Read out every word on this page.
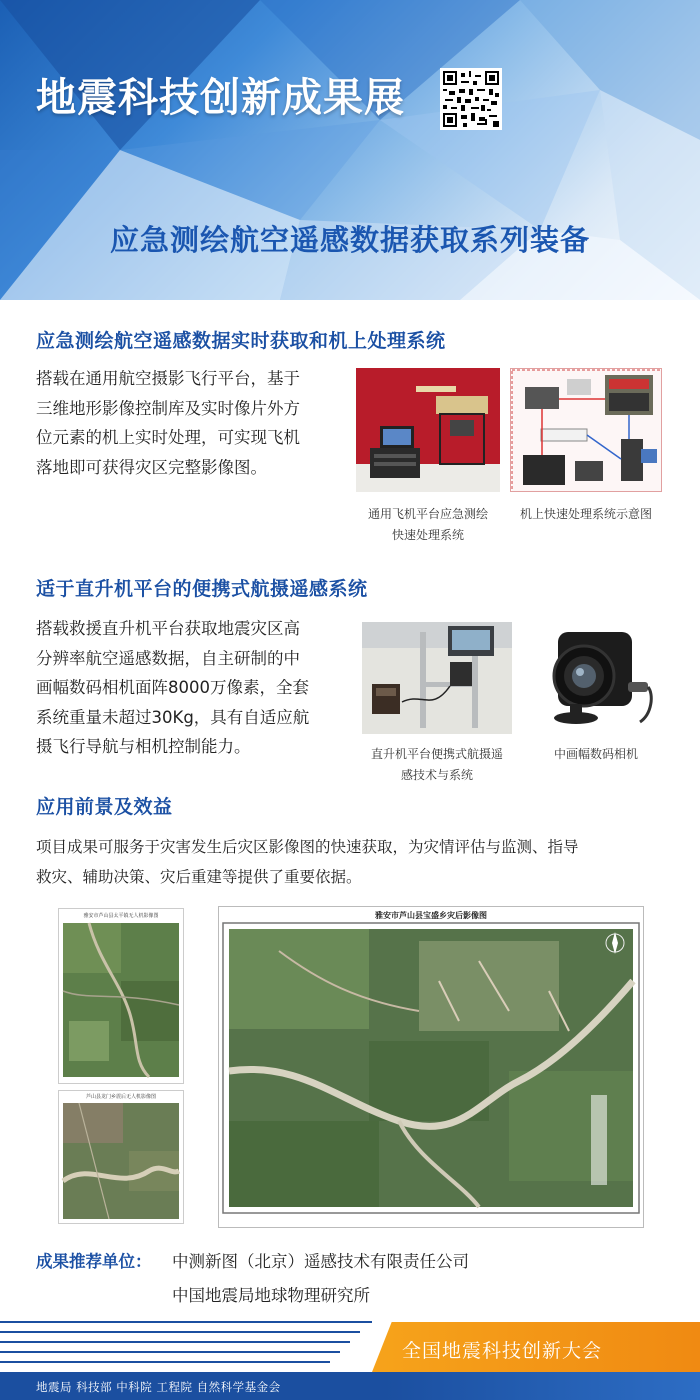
地震科技创新成果展
应急测绘航空遥感数据获取系列装备
应急测绘航空遥感数据实时获取和机上处理系统
搭载在通用航空摄影飞行平台，基于
三维地形影像控制库及实时像片外方
位元素的机上实时处理，可实现飞机
落地即可获得灾区完整影像图。
通用飞机平台应急测绘
快速处理系统
机上快速处理系统示意图
适于直升机平台的便携式航摄遥感系统
搭载救援直升机平台获取地震灾区高
分辨率航空遥感数据，自主研制的中
画幅数码相机面阵8000万像素，全套
系统重量未超过30Kg，具有自适应航
摄飞行导航与相机控制能力。	直升机平台便携式航摄遥
感技术与系统
中画幅数码相机
应用前景及效益
项目成果可服务于灾害发生后灾区影像图的快速获取，为灾情评估与监测、指导
救灾、辅助决策、灾后重建等提供了重要依据。
雅安市芦山县太平镇无人机影像图
芦山县龙门乡震后无人机影像图
雅安市芦山县宝盛乡灾后影像图
成果推荐单位： 中测新图（北京）遥感技术有限责任公司
中国地震局地球物理研究所
全国地震科技创新大会
地震局 科技部 中科院 工程院 自然科学基金会
